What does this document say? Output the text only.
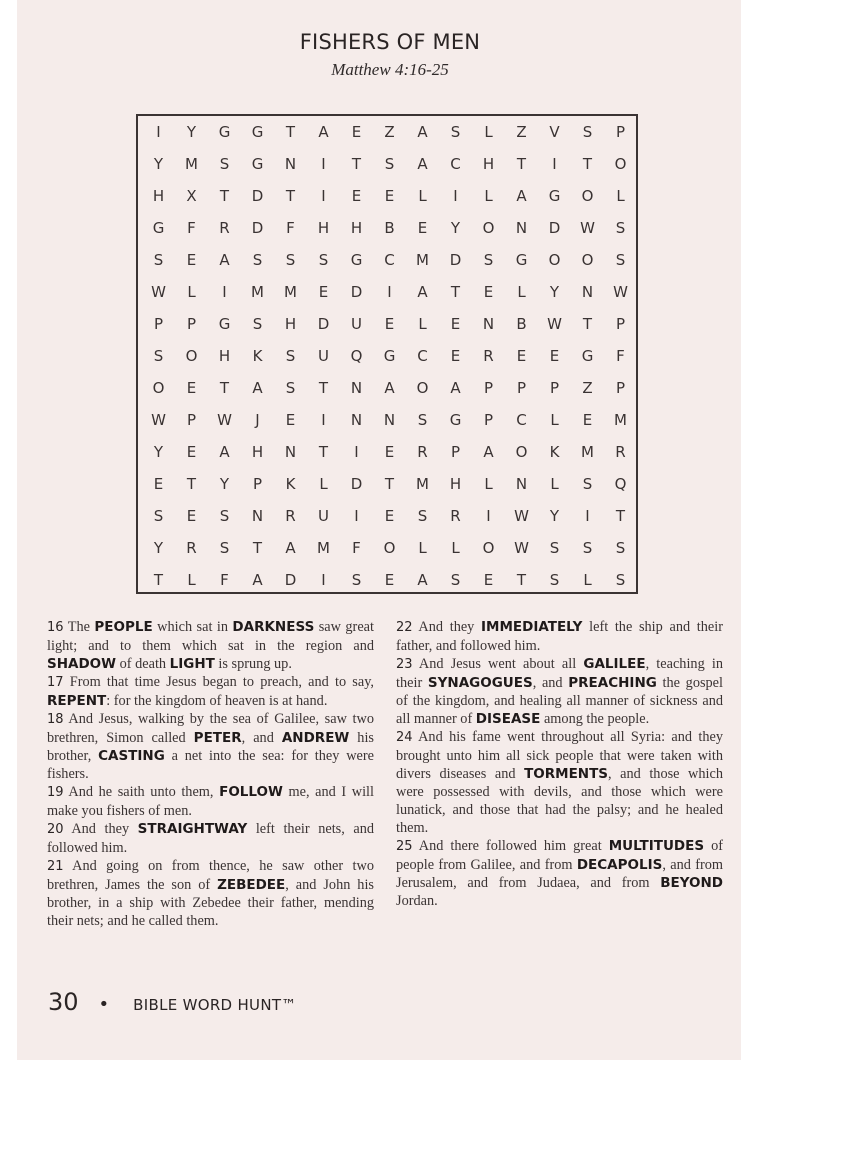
FISHERS OF MEN
Matthew 4:16-25
I	Y	G	G	T	A	E	Z	A	S	L	Z	V	S	P
Y	M	S	G	N	I	T	S	A	C	H	T	I	T	O
H	X	T	D	T	I	E	E	L	I	L	A	G	O	L
G	F	R	D	F	H	H	B	E	Y	O	N	D	W	S
S	E	A	S	S	S	G	C	M	D	S	G	O	O	S
W	L	I	M	M	E	D	I	A	T	E	L	Y	N	W
P	P	G	S	H	D	U	E	L	E	N	B	W	T	P
S	O	H	K	S	U	Q	G	C	E	R	E	E	G	F
O	E	T	A	S	T	N	A	O	A	P	P	P	Z	P
W	P	W	J	E	I	N	N	S	G	P	C	L	E	M
Y	E	A	H	N	T	I	E	R	P	A	O	K	M	R
E	T	Y	P	K	L	D	T	M	H	L	N	L	S	Q
S	E	S	N	R	U	I	E	S	R	I	W	Y	I	T
Y	R	S	T	A	M	F	O	L	L	O	W	S	S	S
T	L	F	A	D	I	S	E	A	S	E	T	S	L	S

16 The PEOPLE which sat in DARKNESS saw great light; and to them which sat in the region and SHADOW of death LIGHT is sprung up.

17 From that time Jesus began to preach, and to say, REPENT: for the kingdom of heaven is at hand.

18 And Jesus, walking by the sea of Galilee, saw two brethren, Simon called PETER, and ANDREW his brother, CASTING a net into the sea: for they were fishers.

19 And he saith unto them, FOLLOW me, and I will make you fishers of men.

20 And they STRAIGHTWAY left their nets, and followed him.

21 And going on from thence, he saw other two brethren, James the son of ZEBEDEE, and John his brother, in a ship with Zebedee their father, mending their nets; and he called them.

22 And they IMMEDIATELY left the ship and their father, and followed him.

23 And Jesus went about all GALILEE, teaching in their SYNAGOGUES, and PREACHING the gospel of the kingdom, and healing all manner of sickness and all manner of DISEASE among the people.

24 And his fame went throughout all Syria: and they brought unto him all sick people that were taken with divers diseases and TORMENTS, and those which were possessed with devils, and those which were lunatick, and those that had the palsy; and he healed them.

25 And there followed him great MULTITUDES of people from Galilee, and from DECAPOLIS, and from Jerusalem, and from Judaea, and from BEYOND Jordan.

30 • BIBLE WORD HUNT™
